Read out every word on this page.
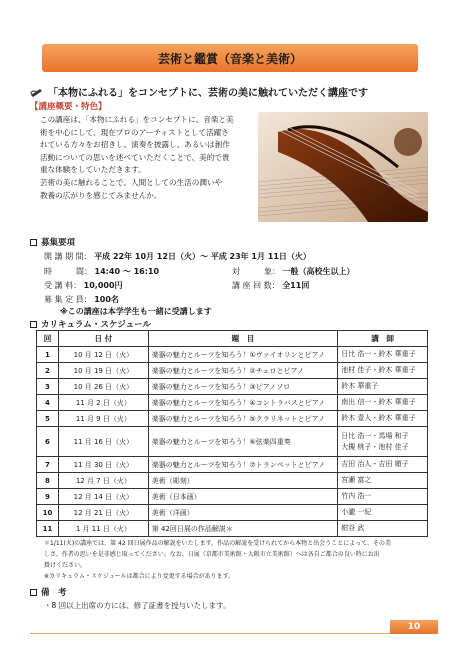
芸術と鑑賞（音楽と美術）
「本物にふれる」をコンセプトに、芸術の美に触れていただく講座です
【講座概要・特色】
この講座は、「本物にふれる」をコンセプトに、音楽と美
術を中心にして、現在プロのアーティストとして活躍さ
れている方々をお招きし、演奏を披露し、あるいは創作
活動についての思いを述べていただくことで、美的で貴
重な体験をしていただきます。
芸術の美に触れることで、人間としての生活の潤いや
教養の広がりを感じてみませんか。
募集要項
開 講 期 間： 平成 22年 10月 12日（火）～ 平成 23年 1月 11日（火）
時　　　間： 14:40 ～ 16:10	対　　　象： 一般（高校生以上）
受 講 料： 10,000円	講 座 回 数： 全11回
募 集 定 員： 100名
※この講座は本学学生も一緒に受講します
カリキュラム・スケジュール
回	日 付	題　目	講　師
1	10 月 12 日（火）	楽器の魅力とルーツを知ろう！①ヴァイオリンとピアノ	日比 浩一・鈴木 華重子
2	10 月 19 日（火）	楽器の魅力とルーツを知ろう！②チェロとピアノ	池村 佳子・鈴木 華重子
3	10 月 26 日（火）	楽器の魅力とルーツを知ろう！③ピアノソロ	鈴木 華重子
4	11 月 2 日（火）	楽器の魅力とルーツを知ろう！④コントラバスとピアノ	南出 信一・鈴木 華重子
5	11 月 9 日（火）	楽器の魅力とルーツを知ろう！⑤クラリネットとピアノ	鈴木 壹人・鈴木 華重子
6	11 月 16 日（火）	楽器の魅力とルーツを知ろう！⑥弦楽四重奏	日比 浩一・馬場 和子
大槻 桃子・池村 佳子
7	11 月 30 日（火）	楽器の魅力とルーツを知ろう！⑦トランペットとピアノ	吉田 治人・吉田 順子
8	12 月 7 日（火）	美術（彫刻）	宮瀬 富之
9	12 月 14 日（火）	美術（日本画）	竹内 浩一
10	12 月 21 日（火）	美術（洋画）	小瀧 一紀
11	1 月 11 日（火）	第 42回日展の作品解説＊	紺谷 武
＊1/11(火)の講座では、第 42 回日展作品の解説をいたします。作品の解説を受けられてから本物と出会うことによって、その美
しさ、作者の思いを是非感じ取ってください。なお、日展（京都市美術館・大阪市立美術館）へは各自ご都合の良い時にお出
掛けください。
※カリキュラム・スケジュールは都合により変更する場合があります。
備　考
・8 回以上出席の方には、修了証書を授与いたします。
10
